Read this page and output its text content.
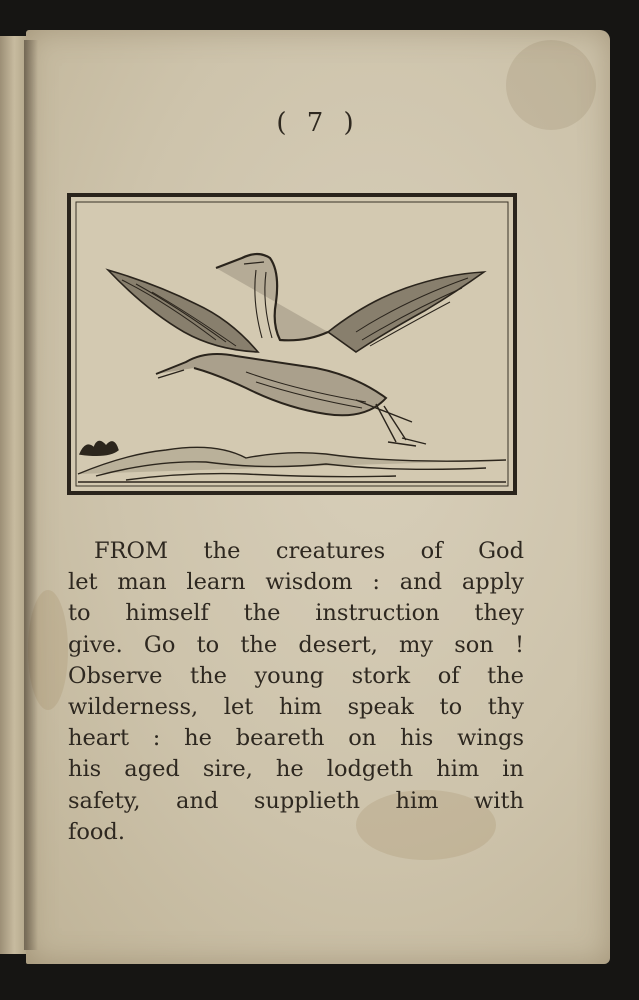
( 7 )
FROM the creatures of God
let man learn wisdom : and apply
to himself the instruction they
give. Go to the desert, my son !
Observe the young stork of the
wilderness, let him speak to thy
heart : he beareth on his wings
his aged sire, he lodgeth him in
safety, and supplieth him with
food.
